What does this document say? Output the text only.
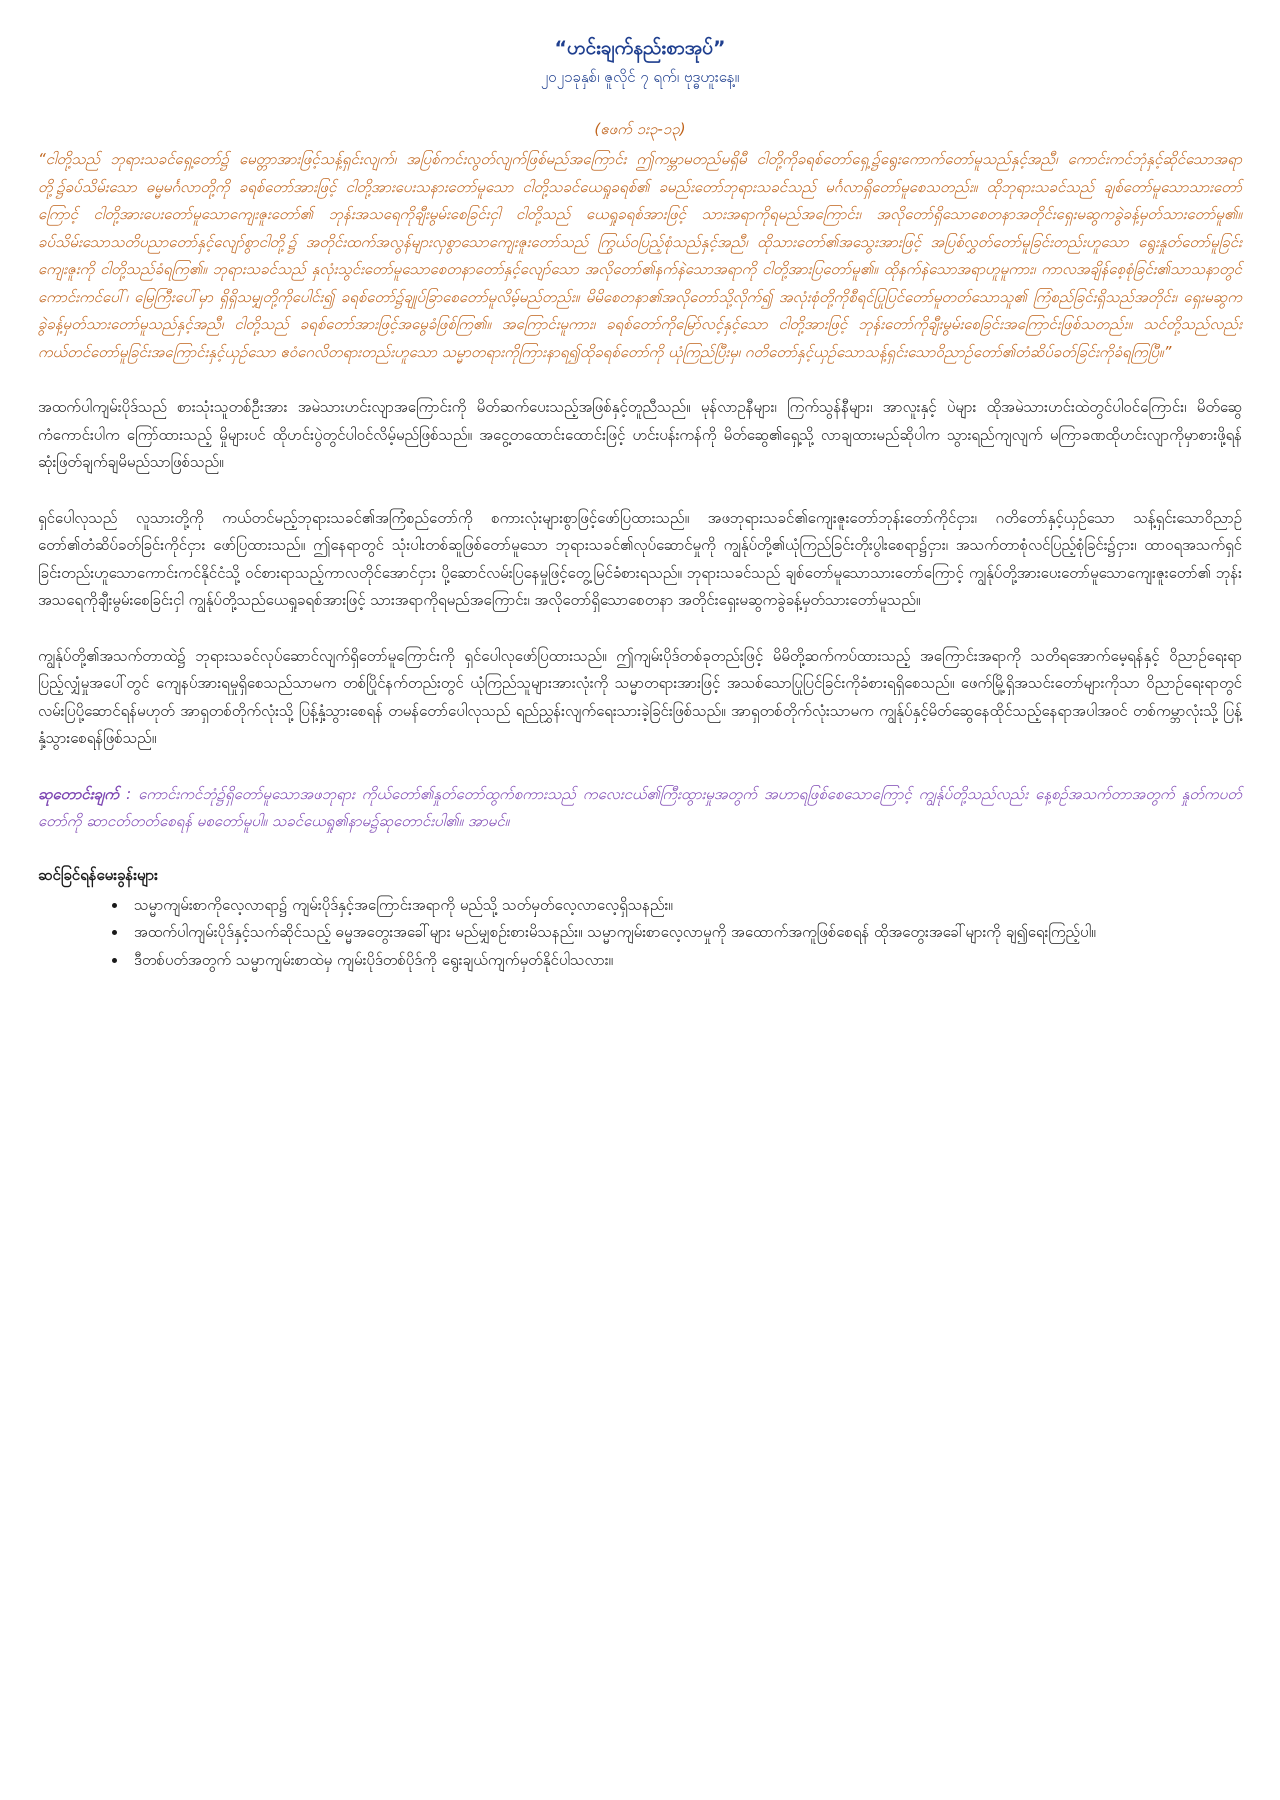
“ဟင်းချက်နည်းစာအုပ်”
၂၀၂၁ခုနှစ်၊ ဇူလိုင် ၇ ရက်၊ ဗုဒ္ဓဟူးနေ့။
(ဧဖက် ၁း၃-၁၃)

“ငါတို့သည် ဘုရားသခင်ရှေ့တော်၌ မေတ္တာအားဖြင့်သန့်ရှင်းလျက်၊ အပြစ်ကင်းလွတ်လျက်ဖြစ်မည်အကြောင်း ဤကမ္ဘာမတည်မရှိမီ ငါတို့ကိုခရစ်တော်ရှေ့၌ရွေးကောက်တော်မူသည်နှင့်အညီ၊ ကောင်းကင်ဘုံနှင့်ဆိုင်သောအရာတို့၌ခပ်သိမ်းသော ဓမ္မမင်္ဂလာတို့ကို ခရစ်တော်အားဖြင့် ငါတို့အားပေးသနားတော်မူသော ငါတို့သခင်ယေရှုခရစ်၏ ခမည်းတော်ဘုရားသခင်သည် မင်္ဂလာရှိတော်မူစေသတည်း။ ထိုဘုရားသခင်သည် ချစ်တော်မူသောသားတော်ကြောင့် ငါတို့အားပေးတော်မူသောကျေးဇူးတော်၏ ဘုန်းအသရေကိုချီးမွမ်းစေခြင်းငှါ ငါတို့သည် ယေရှုခရစ်အားဖြင့် သားအရာကိုရမည်အကြောင်း၊ အလိုတော်ရှိသောစေတနာအတိုင်းရှေးမဆွကခွဲခန့်မှတ်သားတော်မူ၏။ ခပ်သိမ်းသောသတိပညာတော်နှင့်လျော်စွာငါတို့၌ အတိုင်းထက်အလွန်များလှစွာသောကျေးဇူးတော်သည် ကြွယ်ဝပြည့်စုံသည်နှင့်အညီ၊ ထိုသားတော်၏အသွေးအားဖြင့် အပြစ်လွှတ်တော်မူခြင်းတည်းဟူသော ရွေးနှုတ်တော်မူခြင်းကျေးဇူးကို ငါတို့သည်ခံရကြ၏။ ဘုရားသခင်သည် နှလုံးသွင်းတော်မူသောစေတနာတော်နှင့်လျော်သော အလိုတော်၏နက်နဲသောအရာကို ငါတို့အားပြတော်မူ၏။ ထိုနက်နဲသောအရာဟူမူကား၊ ကာလအချိန်စေ့စုံခြင်း၏သာသနာတွင် ကောင်းကင်ပေါ်၊ မြေကြီးပေါ်မှာ ရှိရှိသမျှတို့ကိုပေါင်း၍ ခရစ်တော်၌ချုပ်ခြာစေတော်မူလိမ့်မည်တည်း။ မိမိစေတနာ၏အလိုတော်သို့လိုက်၍ အလုံးစုံတို့ကိုစီရင်ပြုပြင်တော်မူတတ်သောသူ၏ ကြံစည်ခြင်းရှိသည်အတိုင်း၊ ရှေးမဆွက ခွဲခန့်မှတ်သားတော်မူသည်နှင့်အညီ၊ ငါတို့သည် ခရစ်တော်အားဖြင့်အမွေခံဖြစ်ကြ၏။ အကြောင်းမူကား၊ ခရစ်တော်ကိုမြော်လင့်နှင့်သော ငါတို့အားဖြင့် ဘုန်းတော်ကိုချီးမွမ်းစေခြင်းအကြောင်းဖြစ်သတည်း။ သင်တို့သည်လည်း ကယ်တင်တော်မူခြင်းအကြောင်းနှင့်ယှဉ်သော ဧဝံဂေလိတရားတည်းဟူသော သမ္မာတရားကိုကြားနာရ၍ထိုခရစ်တော်ကို ယုံကြည်ပြီးမှ၊ ဂတိတော်နှင့်ယှဉ်သောသန့်ရှင်းသောဝိညာဉ်တော်၏တံဆိပ်ခတ်ခြင်းကိုခံရကြပြီ။”

အထက်ပါကျမ်းပိုဒ်သည် စားသုံးသူတစ်ဦးအား အမဲသားဟင်းလျာအကြောင်းကို မိတ်ဆက်ပေးသည့်အဖြစ်နှင့်တူညီသည်။ မုန်လာဥနီများ၊ ကြက်သွန်နီများ၊ အာလူးနှင့် ပဲများ ထိုအမဲသားဟင်းထဲတွင်ပါဝင်ကြောင်း၊ မိတ်ဆွေကံကောင်းပါက ကြော်ထားသည့် မှိုများပင် ထိုဟင်းပွဲတွင်ပါဝင်လိမ့်မည်ဖြစ်သည်။ အငွေ့တထောင်းထောင်းဖြင့် ဟင်းပန်းကန်ကို မိတ်ဆွေ၏ရှေ့သို့ လာချထားမည်ဆိုပါက သွားရည်ကျလျက် မကြာခဏထိုဟင်းလျာကိုမှာစားဖို့ရန် ဆုံးဖြတ်ချက်ချမိမည်သာဖြစ်သည်။

ရှင်ပေါလုသည် လူသားတို့ကို ကယ်တင်မည့်ဘုရားသခင်၏အကြံစည်တော်ကို စကားလုံးများစွာဖြင့်ဖော်ပြထားသည်။ အဖဘုရားသခင်၏ကျေးဇူးတော်ဘုန်းတော်ကိုင်ငှား၊ ဂတိတော်နှင့်ယှဉ်သော သန့်ရှင်းသောဝိညာဉ်တော်၏တံဆိပ်ခတ်ခြင်းကိုင်ငှား ဖော်ပြထားသည်။ ဤနေရာတွင် သုံးပါးတစ်ဆူဖြစ်တော်မူသော ဘုရားသခင်၏လုပ်ဆောင်မှုကို ကျွန်ုပ်တို့၏ယုံကြည်ခြင်းတိုးပွါးစေရာ၌ငှား၊ အသက်တာစုံလင်ပြည့်စုံခြင်း၌ငှား၊ ထာဝရအသက်ရှင်ခြင်းတည်းဟူသောကောင်းကင်နိုင်ငံသို့ ဝင်စားရာသည့်ကာလတိုင်အောင်ငှား ပို့ဆောင်လမ်းပြနေမှုဖြင့်တွေ့မြင်ခံစားရသည်။ ဘုရားသခင်သည် ချစ်တော်မူသောသားတော်ကြောင့် ကျွန်ုပ်တို့အားပေးတော်မူသောကျေးဇူးတော်၏ ဘုန်းအသရေကိုချီးမွမ်းစေခြင်းငှါ ကျွန်ုပ်တို့သည်ယေရှုခရစ်အားဖြင့် သားအရာကိုရမည်အကြောင်း၊ အလိုတော်ရှိသောစေတနာ အတိုင်းရှေးမဆွကခွဲခန့်မှတ်သားတော်မူသည်။

ကျွန်ုပ်တို့၏အသက်တာထဲ၌ ဘုရားသခင်လုပ်ဆောင်လျက်ရှိတော်မူကြောင်းကို ရှင်ပေါလုဖော်ပြထားသည်။ ဤကျမ်းပိုဒ်တစ်ခုတည်းဖြင့် မိမိတို့ဆက်ကပ်ထားသည့် အကြောင်းအရာကို သတိရအောက်မေ့ရန်နှင့် ဝိညာဉ်ရေးရာပြည့်လျှံမှုအပေါ်တွင် ကျေနပ်အားရမှုရှိစေသည်သာမက တစ်ပြိုင်နက်တည်းတွင် ယုံကြည်သူများအားလုံးကို သမ္မာတရားအားဖြင့် အသစ်သောပြုပြင်ခြင်းကိုခံစားရရှိစေသည်။ ဖေက်မြို့ရှိအသင်းတော်များကိုသာ ဝိညာဉ်ရေးရာတွင် လမ်းပြပို့ဆောင်ရန်မဟုတ် အာရှတစ်တိုက်လုံးသို့ ပြန့်နှံ့သွားစေရန် တမန်တော်ပေါလုသည် ရည်ညွှန်းလျက်ရေးသားခဲ့ခြင်းဖြစ်သည်။ အာရှတစ်တိုက်လုံးသာမက ကျွန်ုပ်နှင့်မိတ်ဆွေနေထိုင်သည့်နေရာအပါအဝင် တစ်ကမ္ဘာလုံးသို့ ပြန့်နှံ့သွားစေရန်ဖြစ်သည်။

ဆုတောင်းချက် : ကောင်းကင်ဘုံ၌ရှိတော်မူသောအဖဘုရား ကိုယ်တော်၏နှုတ်တော်ထွက်စကားသည် ကလေးငယ်၏ကြီးထွားမှုအတွက် အဟာရဖြစ်စေသောကြောင့် ကျွန်ုပ်တို့သည်လည်း နေ့စဉ်အသက်တာအတွက် နှုတ်ကပတ်တော်ကို ဆာငတ်တတ်စေရန် မစတော်မူပါ။ သခင်ယေရှု၏နာမ၌ဆုတောင်းပါ၏။ အာမင်။

ဆင်ခြင်ရန်မေးခွန်းများ
• သမ္မာကျမ်းစာကိုလေ့လာရာ၌ ကျမ်းပိုဒ်နှင့်အကြောင်းအရာကို မည်သို့ သတ်မှတ်လေ့လာလေ့ရှိသနည်း။
• အထက်ပါကျမ်းပိုဒ်နှင့်သက်ဆိုင်သည့် ဓမ္မအတွေးအခေါ်များ မည်မျှစဉ်းစားမိသနည်း။ သမ္မာကျမ်းစာလေ့လာမှုကို အထောက်အကူဖြစ်စေရန် ထိုအတွေးအခေါ်များကို ချ၍ရေးကြည့်ပါ။
• ဒီတစ်ပတ်အတွက် သမ္မာကျမ်းစာထဲမှ ကျမ်းပိုဒ်တစ်ပိုဒ်ကို ရွေးချယ်ကျက်မှတ်နိုင်ပါသလား။
